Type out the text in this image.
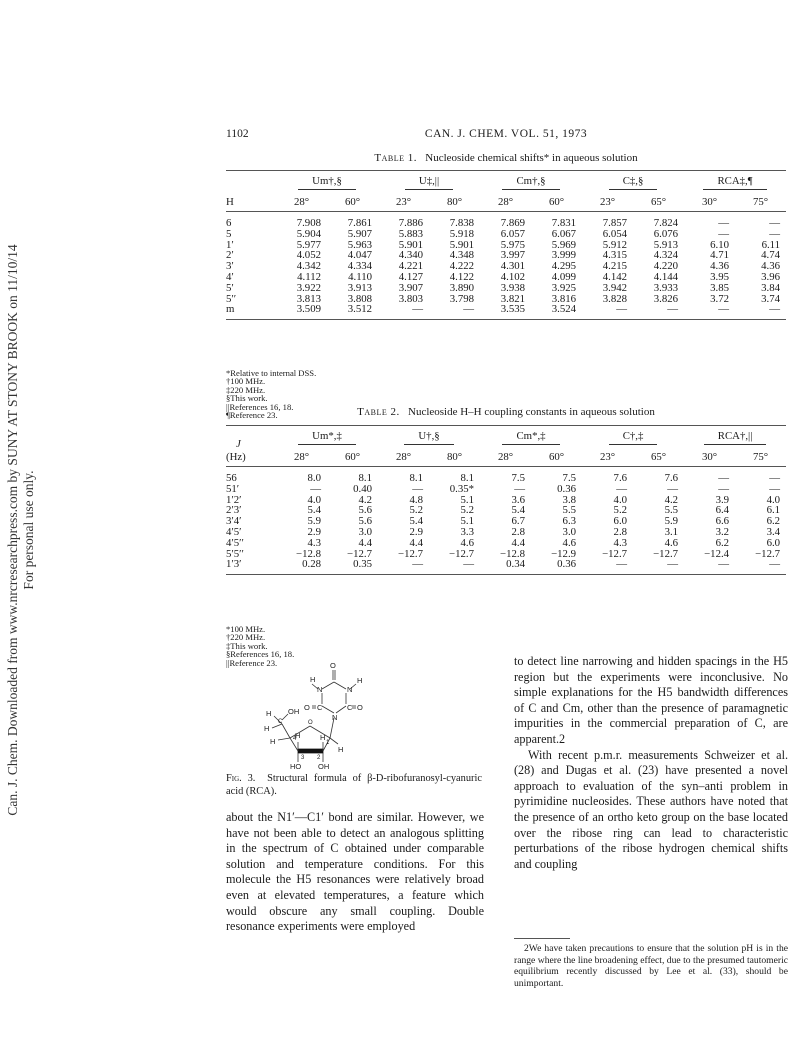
Can. J. Chem. Downloaded from www.nrcresearchpress.com by SUNY AT STONY BROOK on 11/10/14 For personal use only.
1102	CAN. J. CHEM. VOL. 51, 1973
Table 1. Nucleoside chemical shifts* in aqueous solution
H	Um†,§		U‡,||		Cm†,§		C‡,§		RCA‡,¶	
	28°	60°	23°	80°	28°	60°	23°	65°	30°	75°
6	7.908	7.861	7.886	7.838	7.869	7.831	7.857	7.824	—	—
5	5.904	5.907	5.883	5.918	6.057	6.067	6.054	6.076	—	—
1′	5.977	5.963	5.901	5.901	5.975	5.969	5.912	5.913	6.10	6.11
2′	4.052	4.047	4.340	4.348	3.997	3.999	4.315	4.324	4.71	4.74
3′	4.342	4.334	4.221	4.222	4.301	4.295	4.215	4.220	4.36	4.36
4′	4.112	4.110	4.127	4.122	4.102	4.099	4.142	4.144	3.95	3.96
5′	3.922	3.913	3.907	3.890	3.938	3.925	3.942	3.933	3.85	3.84
5′′	3.813	3.808	3.803	3.798	3.821	3.816	3.828	3.826	3.72	3.74
m	3.509	3.512	—	—	3.535	3.524	—	—	—	—
*Relative to internal DSS.
†100 MHz.
‡220 MHz.
§This work.
||References 16, 18.
¶Reference 23.	Table 2. Nucleoside H–H coupling constants in aqueous solution
J
(Hz)	Um*,‡		U†,§		Cm*,‡		C†,‡		RCA†,||	
	28°	60°	28°	80°	28°	60°	23°	65°	30°	75°
56	8.0	8.1	8.1	8.1	7.5	7.5	7.6	7.6	—	—
51′	—	0.40	—	0.35*	—	0.36	—	—	—	—
1′2′	4.0	4.2	4.8	5.1	3.6	3.8	4.0	4.2	3.9	4.0
2′3′	5.4	5.6	5.2	5.2	5.4	5.5	5.2	5.5	6.4	6.1
3′4′	5.9	5.6	5.4	5.1	6.7	6.3	6.0	5.9	6.6	6.2
4′5′	2.9	3.0	2.9	3.3	2.8	3.0	2.8	3.1	3.2	3.4
4′5′′	4.3	4.4	4.4	4.6	4.4	4.6	4.3	4.6	6.2	6.0
5′5′′	−12.8	−12.7	−12.7	−12.7	−12.8	−12.9	−12.7	−12.7	−12.4	−12.7
1′3′	0.28	0.35	—	—	0.34	0.36	—	—	—	—
*100 MHz.
†220 MHz.
‡This work.
§References 16, 18.
||Reference 23.	O
H
N	N
H
O C	C O
N
H
C
OH
H
O
H	4
H	H
3 2
1
H
HO OH
Fig. 3. Structural formula of β-D-ribofuranosyl-cyanuric acid (RCA).

about the N1′—C1′ bond are similar. However, we have not been able to detect an analogous splitting in the spectrum of C obtained under comparable solution and temperature conditions. For this molecule the H5 resonances were relatively broad even at elevated temperatures, a feature which would obscure any small coupling. Double resonance experiments were employed

to detect line narrowing and hidden spacings in the H5 region but the experiments were inconclusive. No simple explanations for the H5 bandwidth differences of C and Cm, other than the presence of paramagnetic impurities in the commercial preparation of C, are apparent.2

With recent p.m.r. measurements Schweizer et al. (28) and Dugas et al. (23) have presented a novel approach to evaluation of the syn–anti problem in pyrimidine nucleosides. These authors have noted that the presence of an ortho keto group on the base located over the ribose ring can lead to characteristic perturbations of the ribose hydrogen chemical shifts and coupling

2We have taken precautions to ensure that the solution pH is in the range where the line broadening effect, due to the presumed tautomeric equilibrium recently discussed by Lee et al. (33), should be unimportant.
